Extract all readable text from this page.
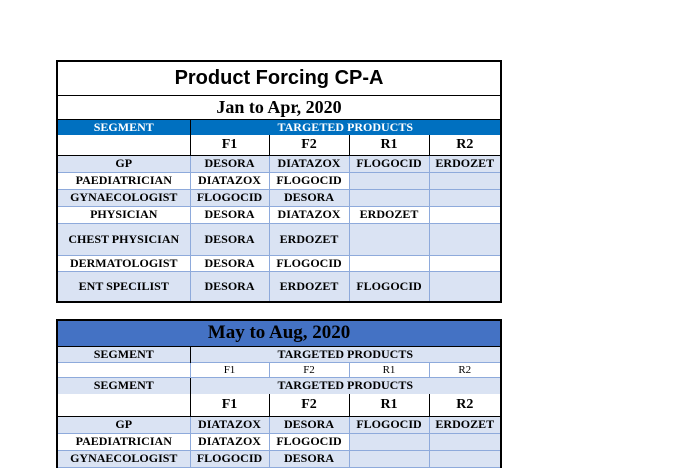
Product Forcing CP-A				
Jan to Apr, 2020				
SEGMENT	TARGETED PRODUCTS			
	F1	F2	R1	R2
GP	DESORA	DIATAZOX	FLOGOCID	ERDOZET
PAEDIATRICIAN	DIATAZOX	FLOGOCID		
GYNAECOLOGIST	FLOGOCID	DESORA		
PHYSICIAN	DESORA	DIATAZOX	ERDOZET	
CHEST PHYSICIAN	DESORA	ERDOZET		
DERMATOLOGIST	DESORA	FLOGOCID		
ENT SPECILIST	DESORA	ERDOZET	FLOGOCID	
May to Aug, 2020				
SEGMENT	TARGETED PRODUCTS			
	F1	F2	R1	R2
SEGMENT	TARGETED PRODUCTS			
	F1	F2	R1	R2
GP	DIATAZOX	DESORA	FLOGOCID	ERDOZET
PAEDIATRICIAN	DIATAZOX	FLOGOCID		
GYNAECOLOGIST	FLOGOCID	DESORA		
